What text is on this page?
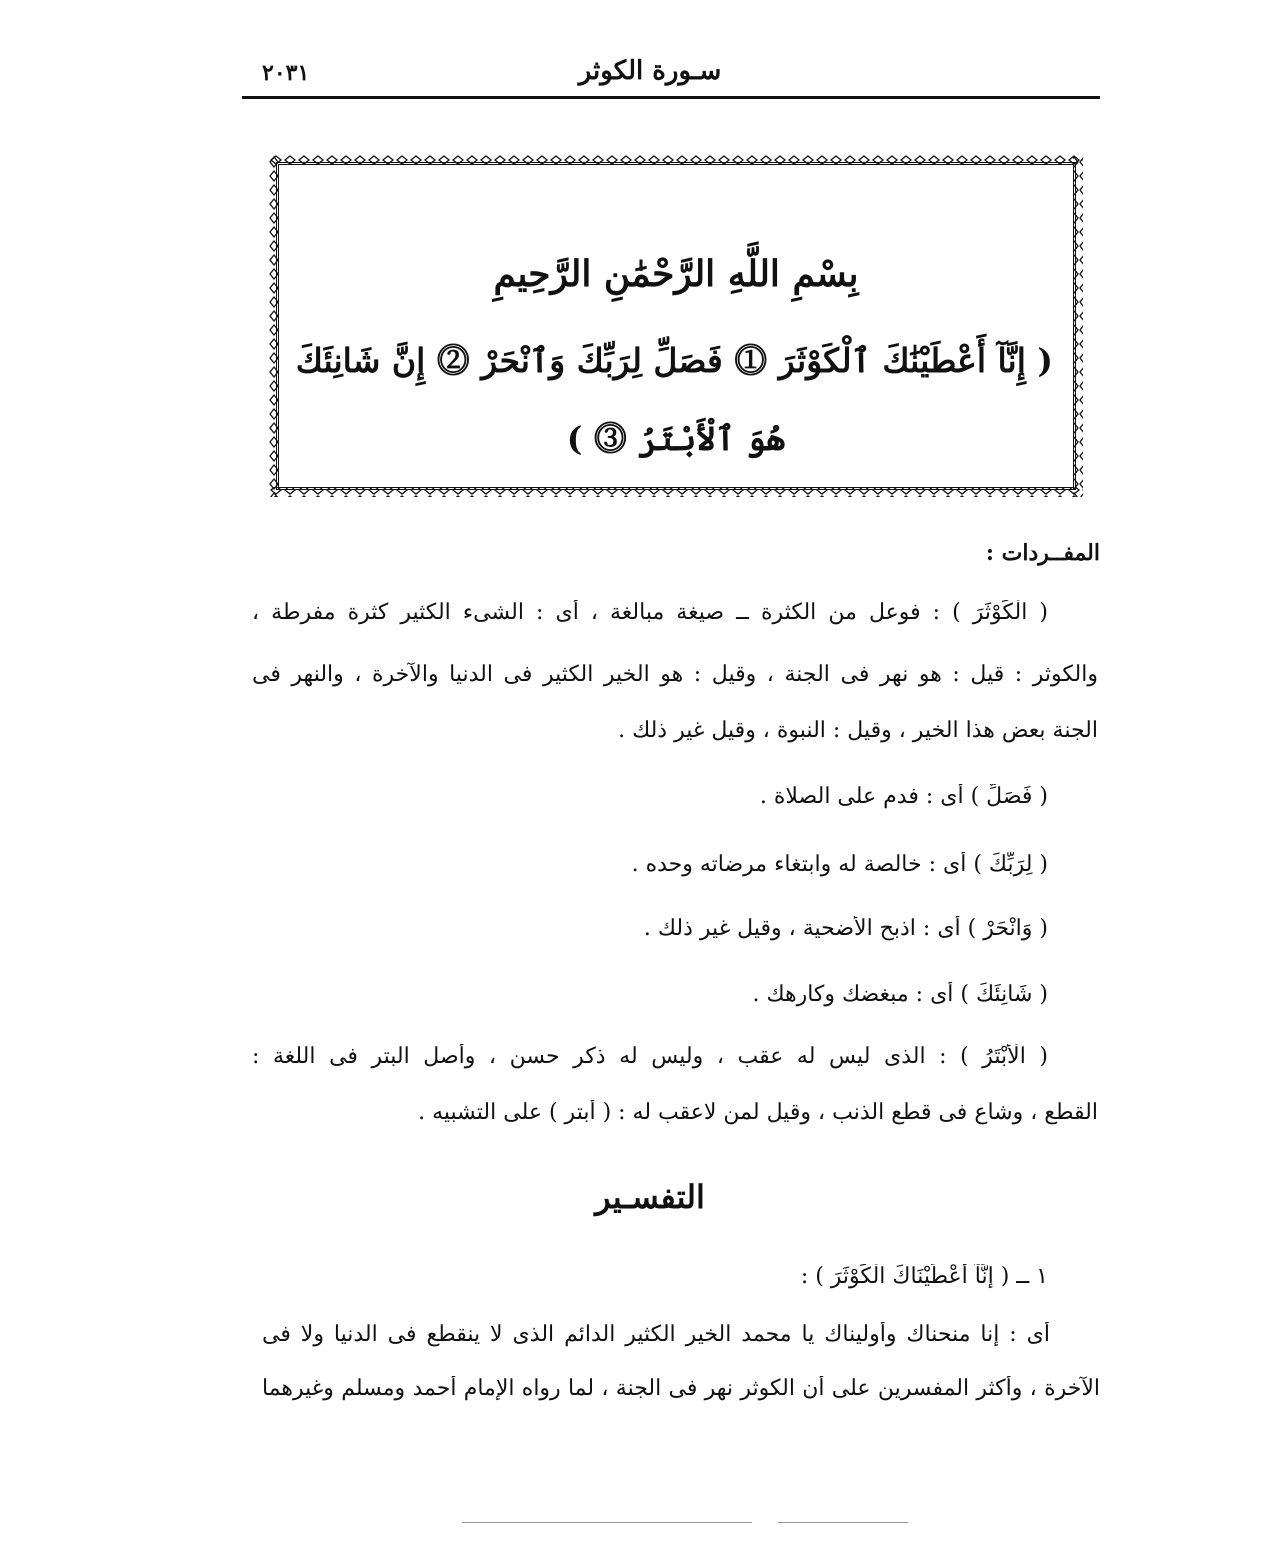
سـورة الكوثر
٢٠٣١
بِسْمِ اللَّهِ الرَّحْمَٰنِ الرَّحِيمِ
( إِنَّآ أَعْطَيْنَٰكَ ٱلْكَوْثَرَ ⓵ فَصَلِّ لِرَبِّكَ وَٱنْحَرْ ⓶ إِنَّ شَانِئَكَ
هُوَ ٱلْأَبْتَرُ ⓷ )
المفــردات :
( الْكَوْثَرَ ) : فوعل من الكثرة ــ صيغة مبالغة ، أى : الشىء الكثير كثرة مفرطة ،
والكوثر : قيل : هو نهر فى الجنة ، وقيل : هو الخير الكثير فى الدنيا والآخرة ، والنهر فى
الجنة بعض هذا الخير ، وقيل : النبوة ، وقيل غير ذلك .
( فَصَلِّ ) أى : فدم على الصلاة .
( لِرَبِّكَ ) أى : خالصة له وابتغاء مرضاته وحده .
( وَانْحَرْ ) أى : اذبح الأُضحية ، وقيل غير ذلك .
( شَانِئَكَ ) أى : مبغضك وكارهك .
( الْأَبْتَرُ ) : الذى ليس له عقب ، وليس له ذكر حسن ، وأصل البتر فى اللغة :
القطع ، وشاع فى قطع الذنب ، وقيل لمن لاعقب له : ( أبتر ) على التشبيه .
التفسـير
١ ــ ( إِنَّآ أَعْطَيْنَاكَ الْكَوْثَرَ ) :
أى : إنا منحناك وأوليناك يا محمد الخير الكثير الدائم الذى لا ينقطع فى الدنيا ولا فى
الآخرة ، وأكثر المفسرين على أن الكوثر نهر فى الجنة ، لما رواه الإمام أحمد ومسلم وغيرهما
